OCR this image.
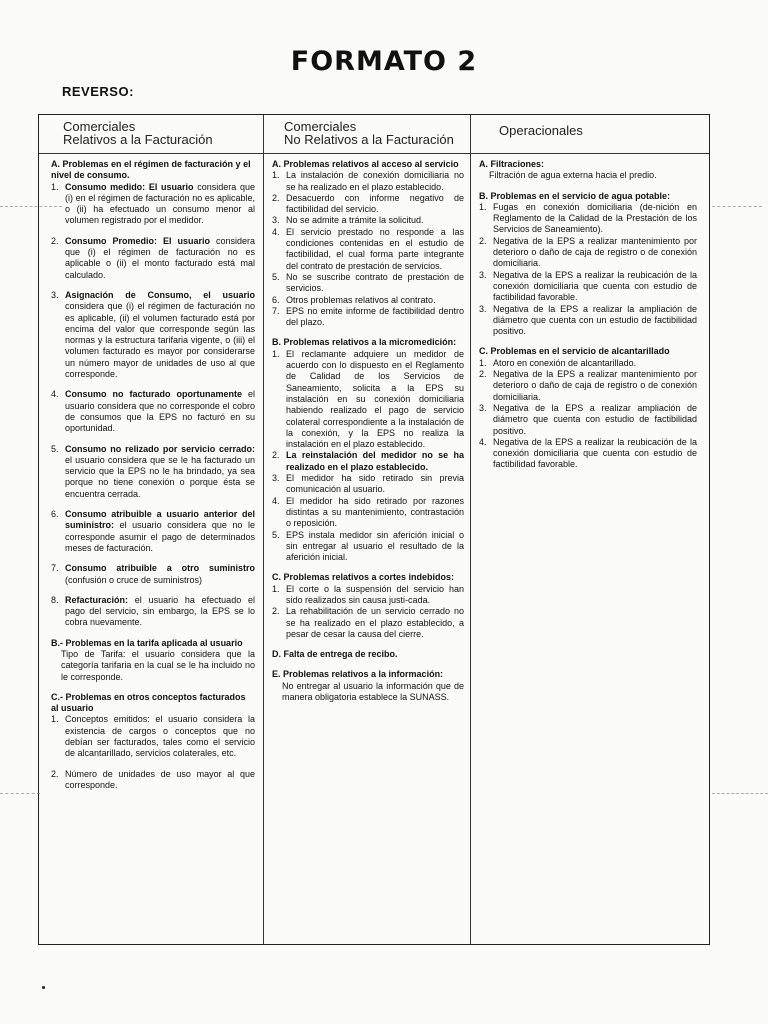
FORMATO 2
REVERSO:
Comerciales
Relativos a la Facturación
Comerciales
No Relativos a la Facturación
Operacionales
A. Problemas en el régimen de facturación y el nivel de consumo.
1. Consumo medido: El usuario considera que (i) en el régimen de facturación no es aplicable, o (ii) ha efectuado un consumo menor al volumen registrado por el medidor.
2. Consumo Promedio: El usuario considera que (i) el régimen de facturación no es aplicable o (ii) el monto facturado está mal calculado.
3. Asignación de Consumo, el usuario considera que (i) el régimen de facturación no es aplicable, (ii) el volumen facturado está por encima del valor que corresponde según las normas y la estructura tarifaria vigente, o (iii) el volumen facturado es mayor por considerarse un número mayor de unidades de uso al que corresponde.
4. Consumo no facturado oportunamente el usuario considera que no corresponde el cobro de consumos que la EPS no facturó en su oportunidad.
5. Consumo no relizado por servicio cerrado: el usuario considera que se le ha facturado un servicio que la EPS no le ha brindado, ya sea porque no tiene conexión o porque ésta se encuentra cerrada.
6. Consumo atribuible a usuario anterior del suministro: el usuario considera que no le corresponde asumir el pago de determinados meses de facturación.
7. Consumo atribuible a otro suministro (confusión o cruce de suministros)
8. Refacturación: el usuario ha efectuado el pago del servicio, sin embargo, la EPS se lo cobra nuevamente.
B.- Problemas en la tarifa aplicada al usuario
Tipo de Tarifa: el usuario considera que la categoría tarifaria en la cual se le ha incluido no le corresponde.
C.- Problemas en otros conceptos facturados al usuario
1. Conceptos emitidos: el usuario considera la existencia de cargos o conceptos que no debían ser facturados, tales como el servicio de alcantarillado, servicios colaterales, etc.
2. Número de unidades de uso mayor al que corresponde.
A. Problemas relativos al acceso al servicio
1. La instalación de conexión domiciliaria no se ha realizado en el plazo establecido.
2. Desacuerdo con informe negativo de factibilidad del servicio.
3. No se admite a trámite la solicitud.
4. El servicio prestado no responde a las condiciones contenidas en el estudio de factibilidad, el cual forma parte integrante del contrato de prestación de servicios.
5. No se suscribe contrato de prestación de servicios.
6. Otros problemas relativos al contrato.
7. EPS no emite informe de factibilidad dentro del plazo.
B. Problemas relativos a la micromedición:
1. El reclamante adquiere un medidor de acuerdo con lo dispuesto en el Reglamento de Calidad de los Servicios de Saneamiento, solicita a la EPS su instalación en su conexión domiciliaria habiendo realizado el pago de servicio colateral correspondiente a la instalación de la conexión, y la EPS no realiza la instalación en el plazo establecido.
2. La reinstalación del medidor no se ha realizado en el plazo establecido.
3. El medidor ha sido retirado sin previa comunicación al usuario.
4. El medidor ha sido retirado por razones distintas a su mantenimiento, contrastación o reposición.
5. EPS instala medidor sin aferición inicial o sin entregar al usuario el resultado de la aferición inicial.
C. Problemas relativos a cortes indebidos:
1. El corte o la suspensión del servicio han sido realizados sin causa justi-cada.
2. La rehabilitación de un servicio cerrado no se ha realizado en el plazo establecido, a pesar de cesar la causa del cierre.
D. Falta de entrega de recibo.
E. Problemas relativos a la información:
No entregar al usuario la información que de manera obligatoria establece la SUNASS.
A. Filtraciones:
Filtración de agua externa hacia el predio.
B. Problemas en el servicio de agua potable:
1. Fugas en conexión domiciliaria (de-nición en Reglamento de la Calidad de la Prestación de los Servicios de Saneamiento).
2. Negativa de la EPS a realizar mantenimiento por deterioro o daño de caja de registro o de conexión domiciliaria.
3. Negativa de la EPS a realizar la reubicación de la conexión domiciliaria que cuenta con estudio de factibilidad favorable.
3. Negativa de la EPS a realizar la ampliación de diámetro que cuenta con un estudio de factibilidad positivo.
C. Problemas en el servicio de alcantarillado
1. Atoro en conexión de alcantarillado.
2. Negativa de la EPS a realizar mantenimiento por deterioro o daño de caja de registro o de conexión domiciliaria.
3. Negativa de la EPS a realizar ampliación de diámetro que cuenta con estudio de factibilidad positivo.
4. Negativa de la EPS a realizar la reubicación de la conexión domiciliaria que cuenta con estudio de factibilidad favorable.
